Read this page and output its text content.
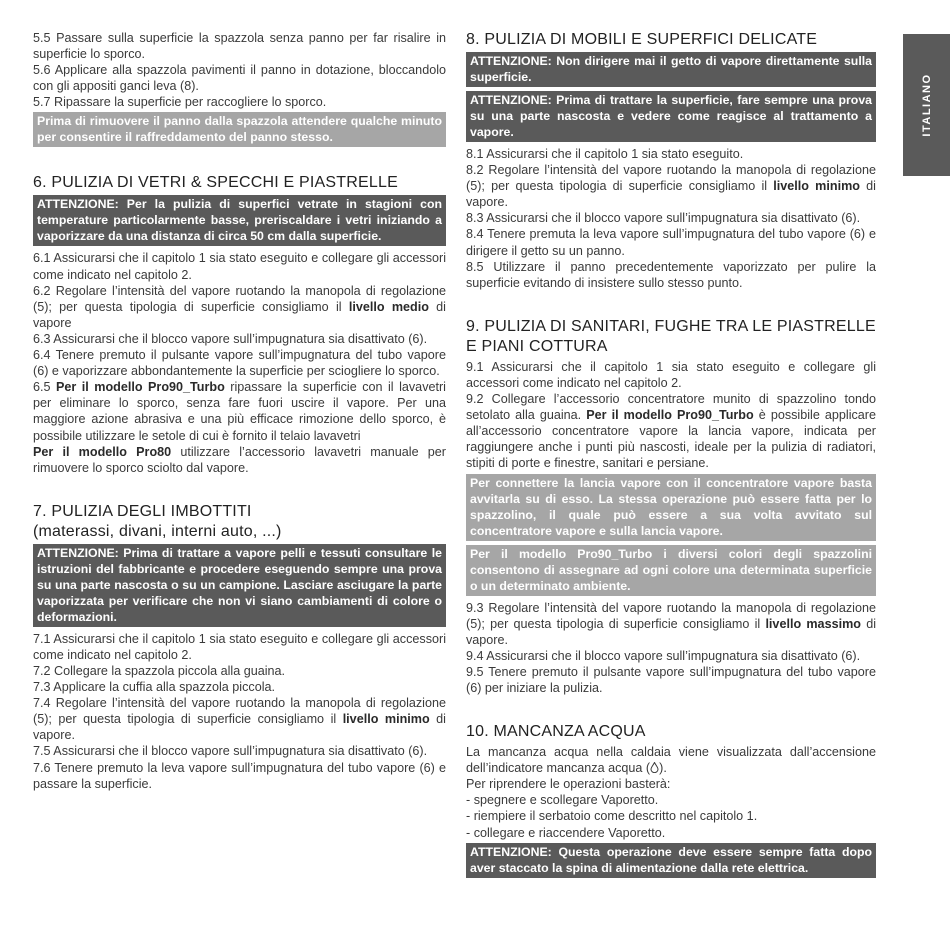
ITALIANO

5.5 Passare sulla superficie la spazzola senza panno per far risalire in superficie lo sporco.

5.6 Applicare alla spazzola pavimenti il panno in dotazione, bloccandolo con gli appositi ganci leva (8).

5.7 Ripassare la superficie per raccogliere lo sporco.

Prima di rimuovere il panno dalla spazzola attendere qualche minuto per consentire il raffreddamento del panno stesso.
6. PULIZIA DI VETRI & SPECCHI E PIASTRELLE
ATTENZIONE: Per la pulizia di superfici vetrate in stagioni con temperature particolarmente basse, preriscaldare i vetri iniziando a vaporizzare da una distanza di circa 50 cm dalla superficie.

6.1 Assicurarsi che il capitolo 1 sia stato eseguito e collegare gli accessori come indicato nel capitolo 2.

6.2 Regolare l’intensità del vapore ruotando la manopola di regolazione (5); per questa tipologia di superficie consigliamo il livello medio di vapore

6.3 Assicurarsi che il blocco vapore sull’impugnatura sia disattivato (6).

6.4 Tenere premuto il pulsante vapore sull’impugnatura del tubo vapore (6) e vaporizzare abbondantemente la superficie per sciogliere lo sporco.

6.5 Per il modello Pro90_Turbo ripassare la superficie con il lavavetri per eliminare lo sporco, senza fare fuori uscire il vapore. Per una maggiore azione abrasiva e una più efficace rimozione dello sporco, è possibile utilizzare le setole di cui è fornito il telaio lavavetri

Per il modello Pro80 utilizzare l’accessorio lavavetri manuale per rimuovere lo sporco sciolto dal vapore.

7. PULIZIA DEGLI IMBOTTITI
(materassi, divani, interni auto, ...)
ATTENZIONE: Prima di trattare a vapore pelli e tessuti consultare le istruzioni del fabbricante e procedere eseguendo sempre una prova su una parte nascosta o su un campione. Lasciare asciugare la parte vaporizzata per verificare che non vi siano cambiamenti di colore o deformazioni.

7.1 Assicurarsi che il capitolo 1 sia stato eseguito e collegare gli accessori come indicato nel capitolo 2.

7.2 Collegare la spazzola piccola alla guaina.

7.3 Applicare la cuffia alla spazzola piccola.

7.4 Regolare l’intensità del vapore ruotando la manopola di regolazione (5); per questa tipologia di superficie consigliamo il livello minimo di vapore.

7.5 Assicurarsi che il blocco vapore sull’impugnatura sia disattivato (6).

7.6 Tenere premuto la leva vapore sull’impugnatura del tubo vapore (6) e passare la superficie.

8. PULIZIA DI MOBILI E SUPERFICI DELICATE
ATTENZIONE: Non dirigere mai il getto di vapore direttamente sulla superficie.
ATTENZIONE: Prima di trattare la superficie, fare sempre una prova su una parte nascosta e vedere come reagisce al trattamento a vapore.

8.1 Assicurarsi che il capitolo 1 sia stato eseguito.

8.2 Regolare l’intensità del vapore ruotando la manopola di regolazione (5); per questa tipologia di superficie consigliamo il livello minimo di vapore.

8.3 Assicurarsi che il blocco vapore sull’impugnatura sia disattivato (6).

8.4 Tenere premuta la leva vapore sull’impugnatura del tubo vapore (6) e dirigere il getto su un panno.

8.5 Utilizzare il panno precedentemente vaporizzato per pulire la superficie evitando di insistere sullo stesso punto.

9. PULIZIA DI SANITARI, FUGHE TRA LE PIASTRELLE E PIANI COTTURA

9.1 Assicurarsi che il capitolo 1 sia stato eseguito e collegare gli accessori come indicato nel capitolo 2.

9.2 Collegare l’accessorio concentratore munito di spazzolino tondo setolato alla guaina. Per il modello Pro90_Turbo è possibile applicare all’accessorio concentratore vapore la lancia vapore, indicata per raggiungere anche i punti più nascosti, ideale per la pulizia di radiatori, stipiti di porte e finestre, sanitari e persiane.

Per connettere la lancia vapore con il concentratore vapore basta avvitarla su di esso. La stessa operazione può essere fatta per lo spazzolino, il quale può essere a sua volta avvitato sul concentratore vapore e sulla lancia vapore.
Per il modello Pro90_Turbo i diversi colori degli spazzolini consentono di assegnare ad ogni colore una determinata superficie o un determinato ambiente.

9.3 Regolare l’intensità del vapore ruotando la manopola di regolazione (5); per questa tipologia di superficie consigliamo il livello massimo di vapore.

9.4 Assicurarsi che il blocco vapore sull’impugnatura sia disattivato (6).

9.5 Tenere premuto il pulsante vapore sull’impugnatura del tubo vapore (6) per iniziare la pulizia.

10. MANCANZA ACQUA

La mancanza acqua nella caldaia viene visualizzata dall’accensione dell’indicatore mancanza acqua ( ).

Per riprendere le operazioni basterà:

- spegnere e scollegare Vaporetto.

- riempiere il serbatoio come descritto nel capitolo 1.

- collegare e riaccendere Vaporetto.

ATTENZIONE: Questa operazione deve essere sempre fatta dopo aver staccato la spina di alimentazione dalla rete elettrica.
